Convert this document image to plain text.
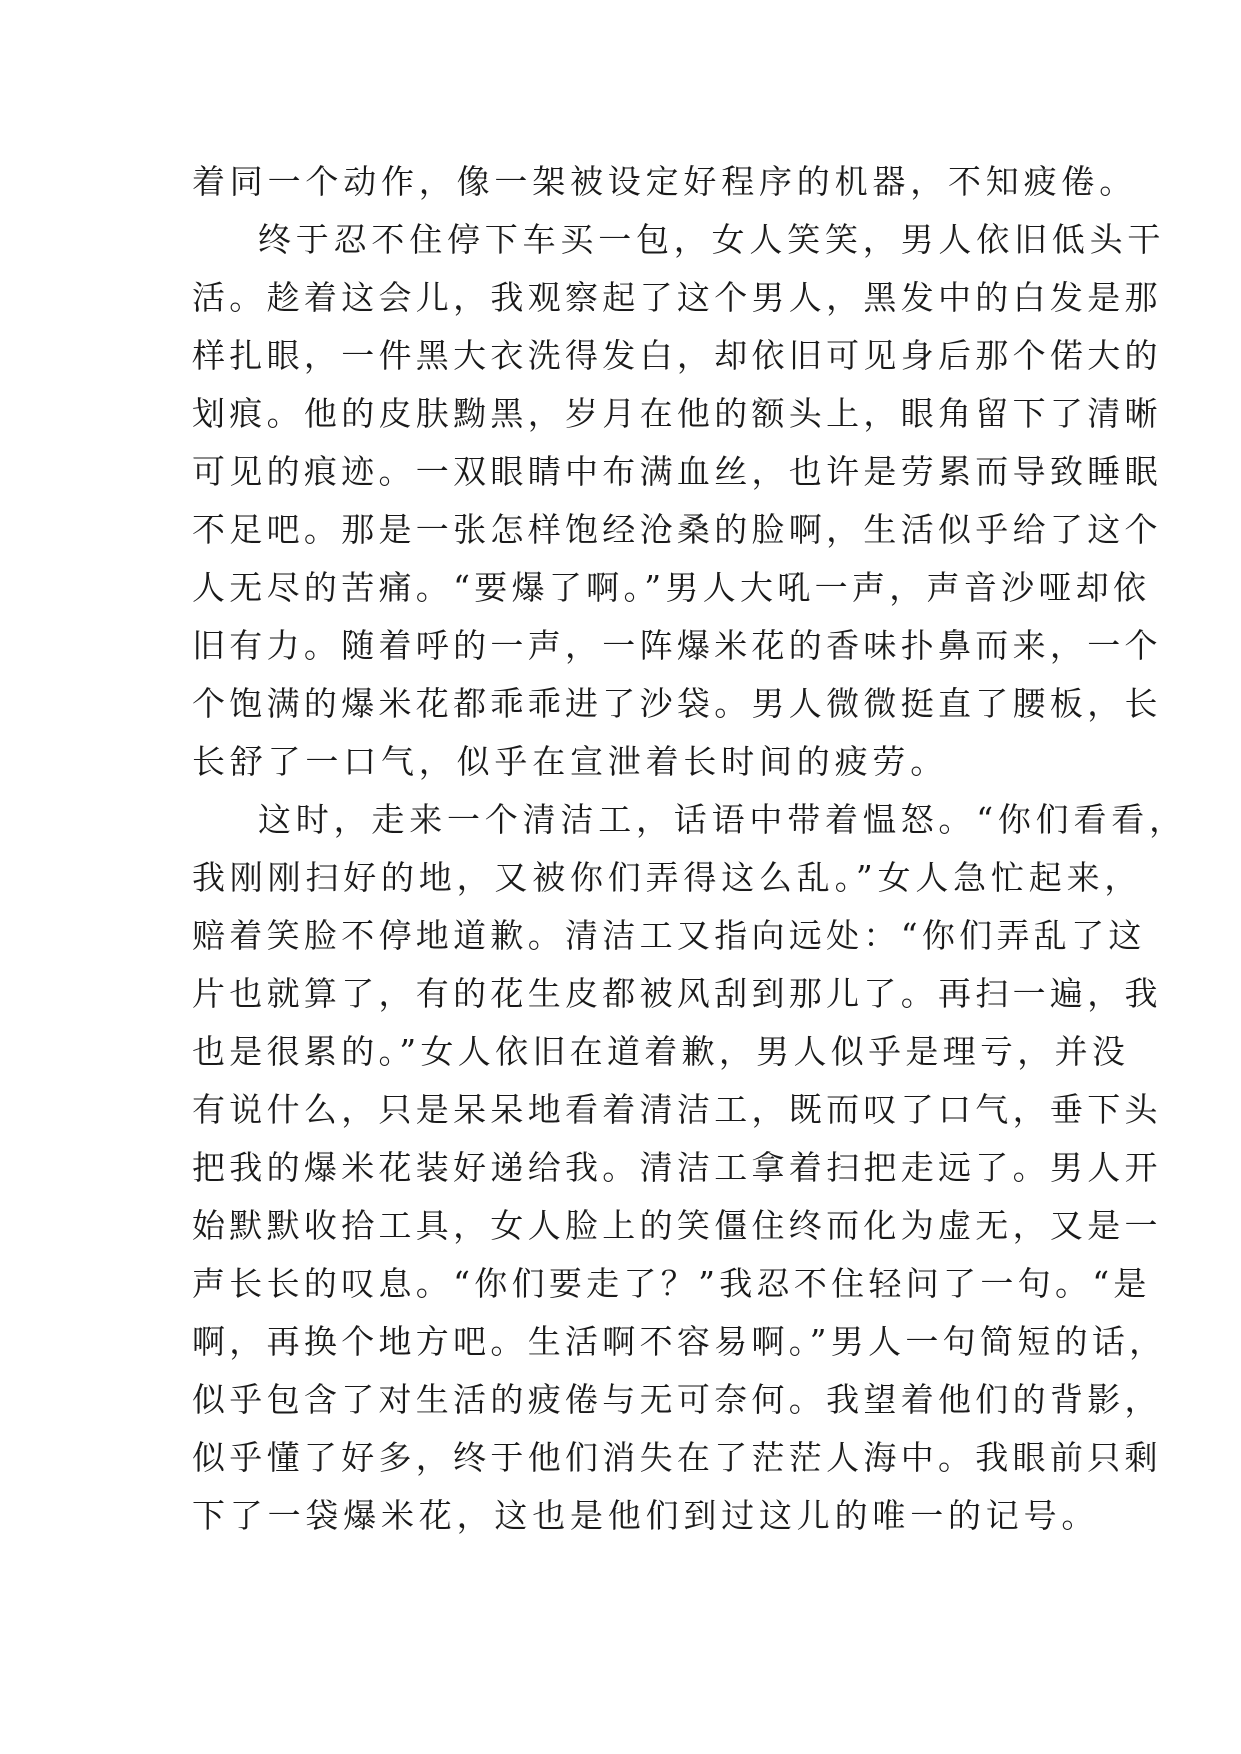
着同一个动作，像一架被设定好程序的机器，不知疲倦。
终于忍不住停下车买一包，女人笑笑，男人依旧低头干
活。趁着这会儿，我观察起了这个男人，黑发中的白发是那
样扎眼，一件黑大衣洗得发白，却依旧可见身后那个偌大的
划痕。他的皮肤黝黑，岁月在他的额头上，眼角留下了清晰
可见的痕迹。一双眼睛中布满血丝，也许是劳累而导致睡眠
不足吧。那是一张怎样饱经沧桑的脸啊，生活似乎给了这个
人无尽的苦痛。“要爆了啊。”男人大吼一声，声音沙哑却依
旧有力。随着呼的一声，一阵爆米花的香味扑鼻而来，一个
个饱满的爆米花都乖乖进了沙袋。男人微微挺直了腰板，长
长舒了一口气，似乎在宣泄着长时间的疲劳。
这时，走来一个清洁工，话语中带着愠怒。“你们看看，
我刚刚扫好的地，又被你们弄得这么乱。”女人急忙起来，
赔着笑脸不停地道歉。清洁工又指向远处：“你们弄乱了这
片也就算了，有的花生皮都被风刮到那儿了。再扫一遍，我
也是很累的。”女人依旧在道着歉，男人似乎是理亏，并没
有说什么，只是呆呆地看着清洁工，既而叹了口气，垂下头
把我的爆米花装好递给我。清洁工拿着扫把走远了。男人开
始默默收拾工具，女人脸上的笑僵住终而化为虚无，又是一
声长长的叹息。“你们要走了？”我忍不住轻问了一句。“是
啊，再换个地方吧。生活啊不容易啊。”男人一句简短的话，
似乎包含了对生活的疲倦与无可奈何。我望着他们的背影，
似乎懂了好多，终于他们消失在了茫茫人海中。我眼前只剩
下了一袋爆米花，这也是他们到过这儿的唯一的记号。
